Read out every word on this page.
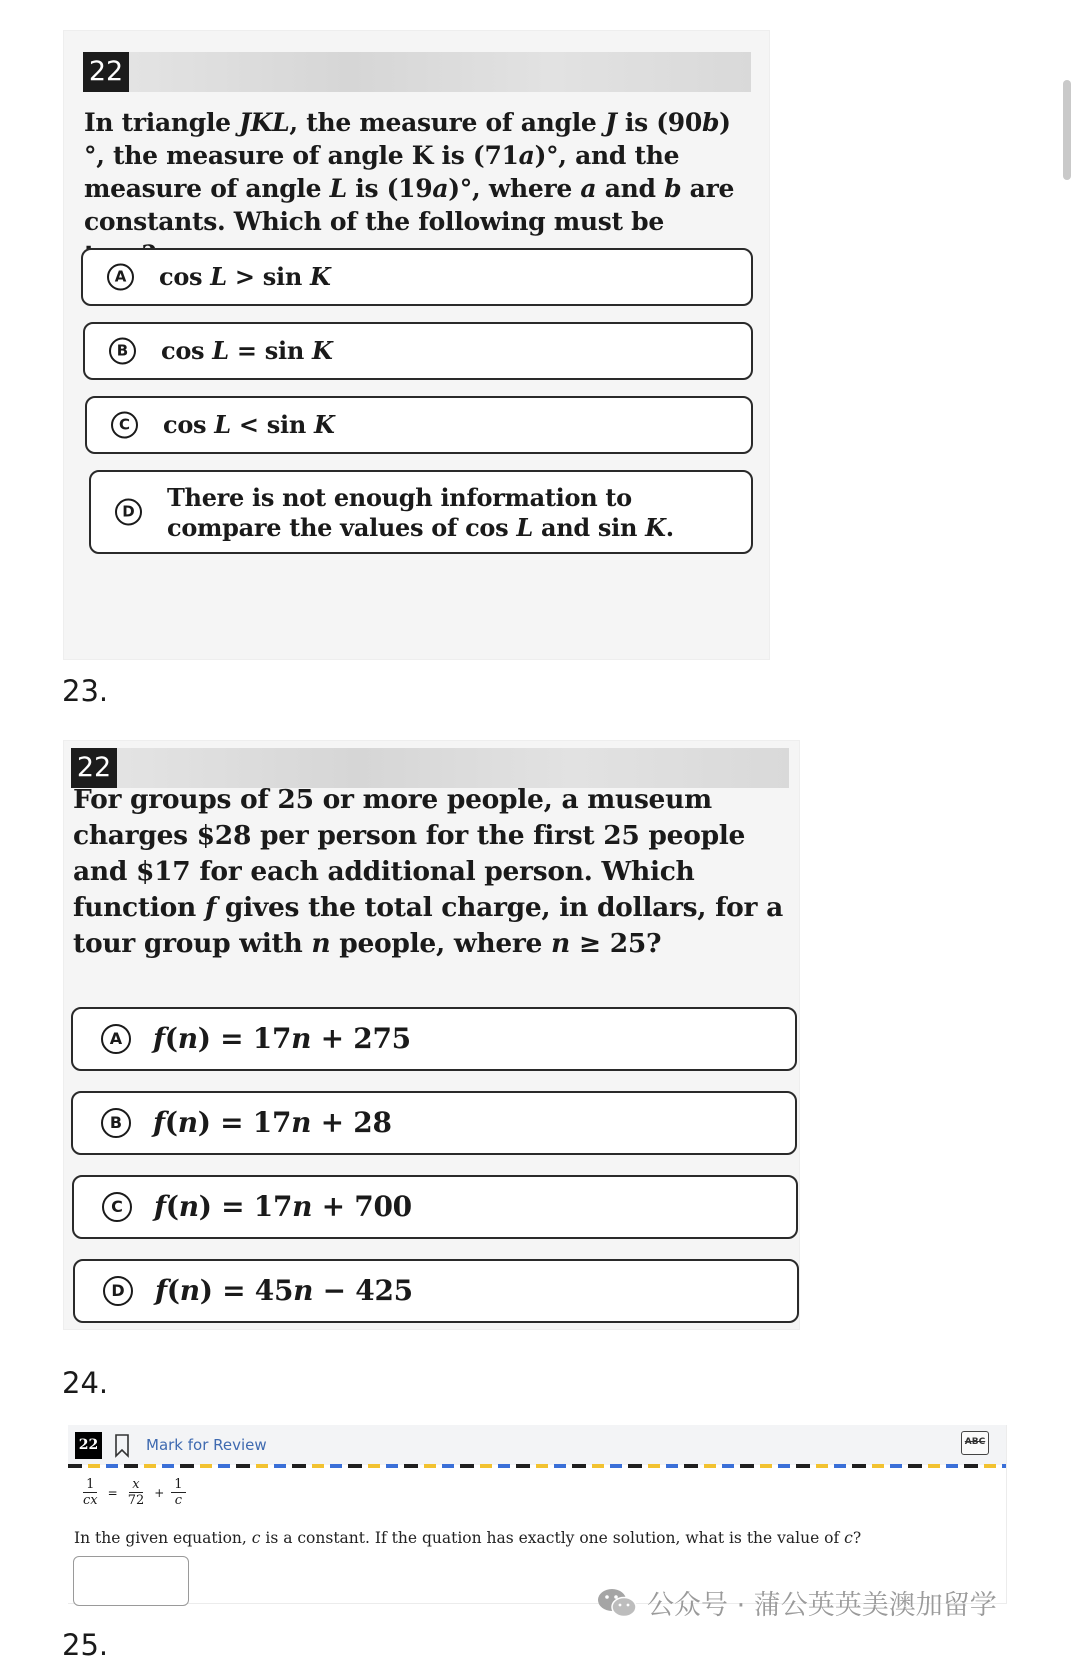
22
In triangle JKL, the measure of angle J is (90b)°, the measure of angle K is (71a)°, and the measure of angle L is (19a)°, where a and b are constants. Which of the following must be
A	cos L > sin K
B	cos L = sin K
C	cos L < sin K
D	There is not enough information to compare the values of cos L and sin K.
23.
22
For groups of 25 or more people, a museum charges $28 per person for the first 25 people and $17 for each additional person. Which function f gives the total charge, in dollars, for a tour group with n people, where n ≥ 25?
A	f(n) = 17n + 275
B	f(n) = 17n + 28
C	f(n) = 17n + 700
D f(n) = 45n − 425
24.
22	Mark for Review	ABC
$\frac{1}{cx} = \frac{x}{72} + \frac{1}{c}$
In the given equation, c is a constant. If the quation has exactly one solution, what is the value of c?
25.
公众号 · 蒲公英英美澳加留学
